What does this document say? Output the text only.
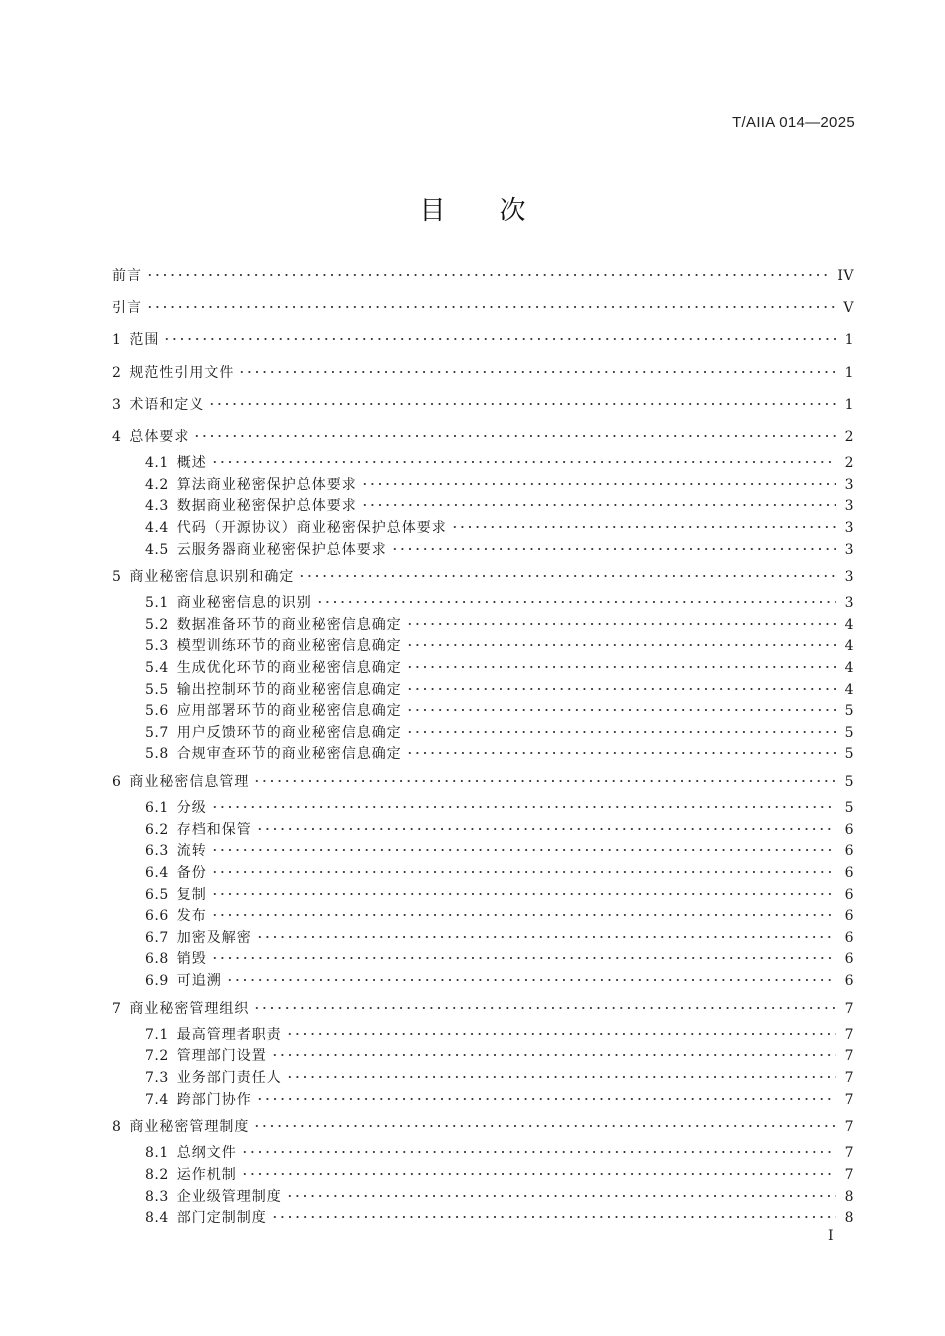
T/AIIA 014—2025
目 次
前言	IV
引言	V
1 范围	1
2 规范性引用文件	1
3 术语和定义	1
4 总体要求	2
4.1 概述	2
4.2 算法商业秘密保护总体要求	3
4.3 数据商业秘密保护总体要求	3
4.4 代码（开源协议）商业秘密保护总体要求	3
4.5 云服务器商业秘密保护总体要求	3
5 商业秘密信息识别和确定	3
5.1 商业秘密信息的识别	3
5.2 数据准备环节的商业秘密信息确定	4
5.3 模型训练环节的商业秘密信息确定	4
5.4 生成优化环节的商业秘密信息确定	4
5.5 输出控制环节的商业秘密信息确定	4
5.6 应用部署环节的商业秘密信息确定	5
5.7 用户反馈环节的商业秘密信息确定	5
5.8 合规审查环节的商业秘密信息确定	5
6 商业秘密信息管理	5
6.1 分级	5
6.2 存档和保管	6
6.3 流转	6
6.4 备份	6
6.5 复制	6
6.6 发布	6
6.7 加密及解密	6
6.8 销毁	6
6.9 可追溯	6
7 商业秘密管理组织	7
7.1 最高管理者职责	7
7.2 管理部门设置	7
7.3 业务部门责任人	7
7.4 跨部门协作	7
8 商业秘密管理制度	7
8.1 总纲文件	7
8.2 运作机制	7
8.3 企业级管理制度	8
8.4 部门定制制度	8
I
